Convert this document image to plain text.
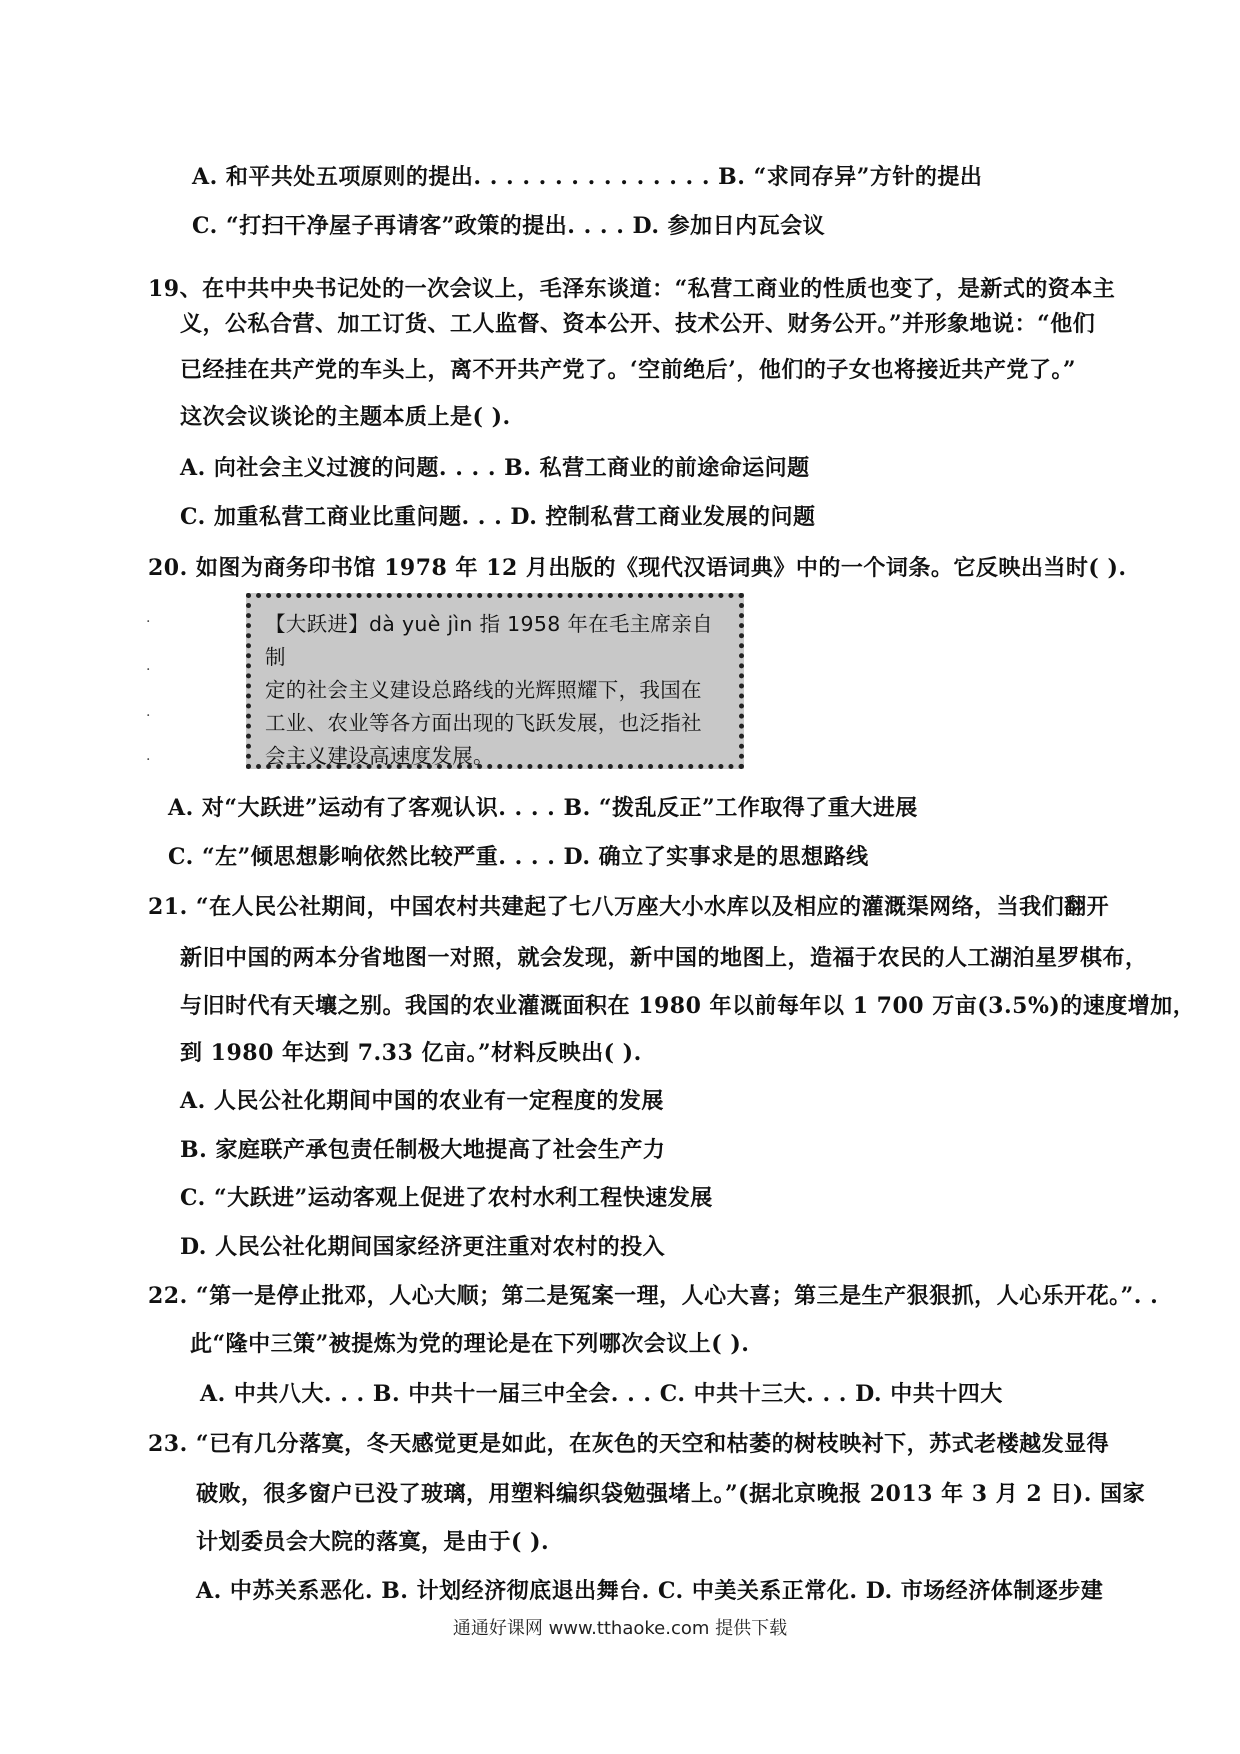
A. 和平共处五项原则的提出. . . . . . . . . . . . . . . B. “求同存异”方针的提出
C. “打扫干净屋子再请客”政策的提出. . . . D. 参加日内瓦会议
19、在中共中央书记处的一次会议上，毛泽东谈道：“私营工商业的性质也变了，是新式的资本主
义，公私合营、加工订货、工人监督、资本公开、技术公开、财务公开。”并形象地说：“他们
已经挂在共产党的车头上，离不开共产党了。‘空前绝后’，他们的子女也将接近共产党了。”
这次会议谈论的主题本质上是( ).
A. 向社会主义过渡的问题. . . . B. 私营工商业的前途命运问题
C. 加重私营工商业比重问题. . . D. 控制私营工商业发展的问题
20. 如图为商务印书馆 1978 年 12 月出版的《现代汉语词典》中的一个词条。它反映出当时( ).
【大跃进】dà yuè jìn 指 1958 年在毛主席亲自制
定的社会主义建设总路线的光辉照耀下，我国在
工业、农业等各方面出现的飞跃发展，也泛指社
会主义建设高速度发展。
.
.
.
.
A. 对“大跃进”运动有了客观认识. . . . B. “拨乱反正”工作取得了重大进展
C. “左”倾思想影响依然比较严重. . . . D. 确立了实事求是的思想路线
21. “在人民公社期间，中国农村共建起了七八万座大小水库以及相应的灌溉渠网络，当我们翻开
新旧中国的两本分省地图一对照，就会发现，新中国的地图上，造福于农民的人工湖泊星罗棋布，
与旧时代有天壤之别。我国的农业灌溉面积在 1980 年以前每年以 1 700 万亩(3.5%)的速度增加，
到 1980 年达到 7.33 亿亩。”材料反映出( ).
A. 人民公社化期间中国的农业有一定程度的发展
B. 家庭联产承包责任制极大地提高了社会生产力
C. “大跃进”运动客观上促进了农村水利工程快速发展
D. 人民公社化期间国家经济更注重对农村的投入
22. “第一是停止批邓，人心大顺；第二是冤案一理，人心大喜；第三是生产狠狠抓，人心乐开花。”. .
此“隆中三策”被提炼为党的理论是在下列哪次会议上( ).
A. 中共八大. . . B. 中共十一届三中全会. . . C. 中共十三大. . . D. 中共十四大
23. “已有几分落寞，冬天感觉更是如此，在灰色的天空和枯萎的树枝映衬下，苏式老楼越发显得
破败，很多窗户已没了玻璃，用塑料编织袋勉强堵上。”(据北京晚报 2013 年 3 月 2 日). 国家
计划委员会大院的落寞，是由于( ).
A. 中苏关系恶化. B. 计划经济彻底退出舞台. C. 中美关系正常化. D. 市场经济体制逐步建
通通好课网 www.tthaoke.com 提供下载
